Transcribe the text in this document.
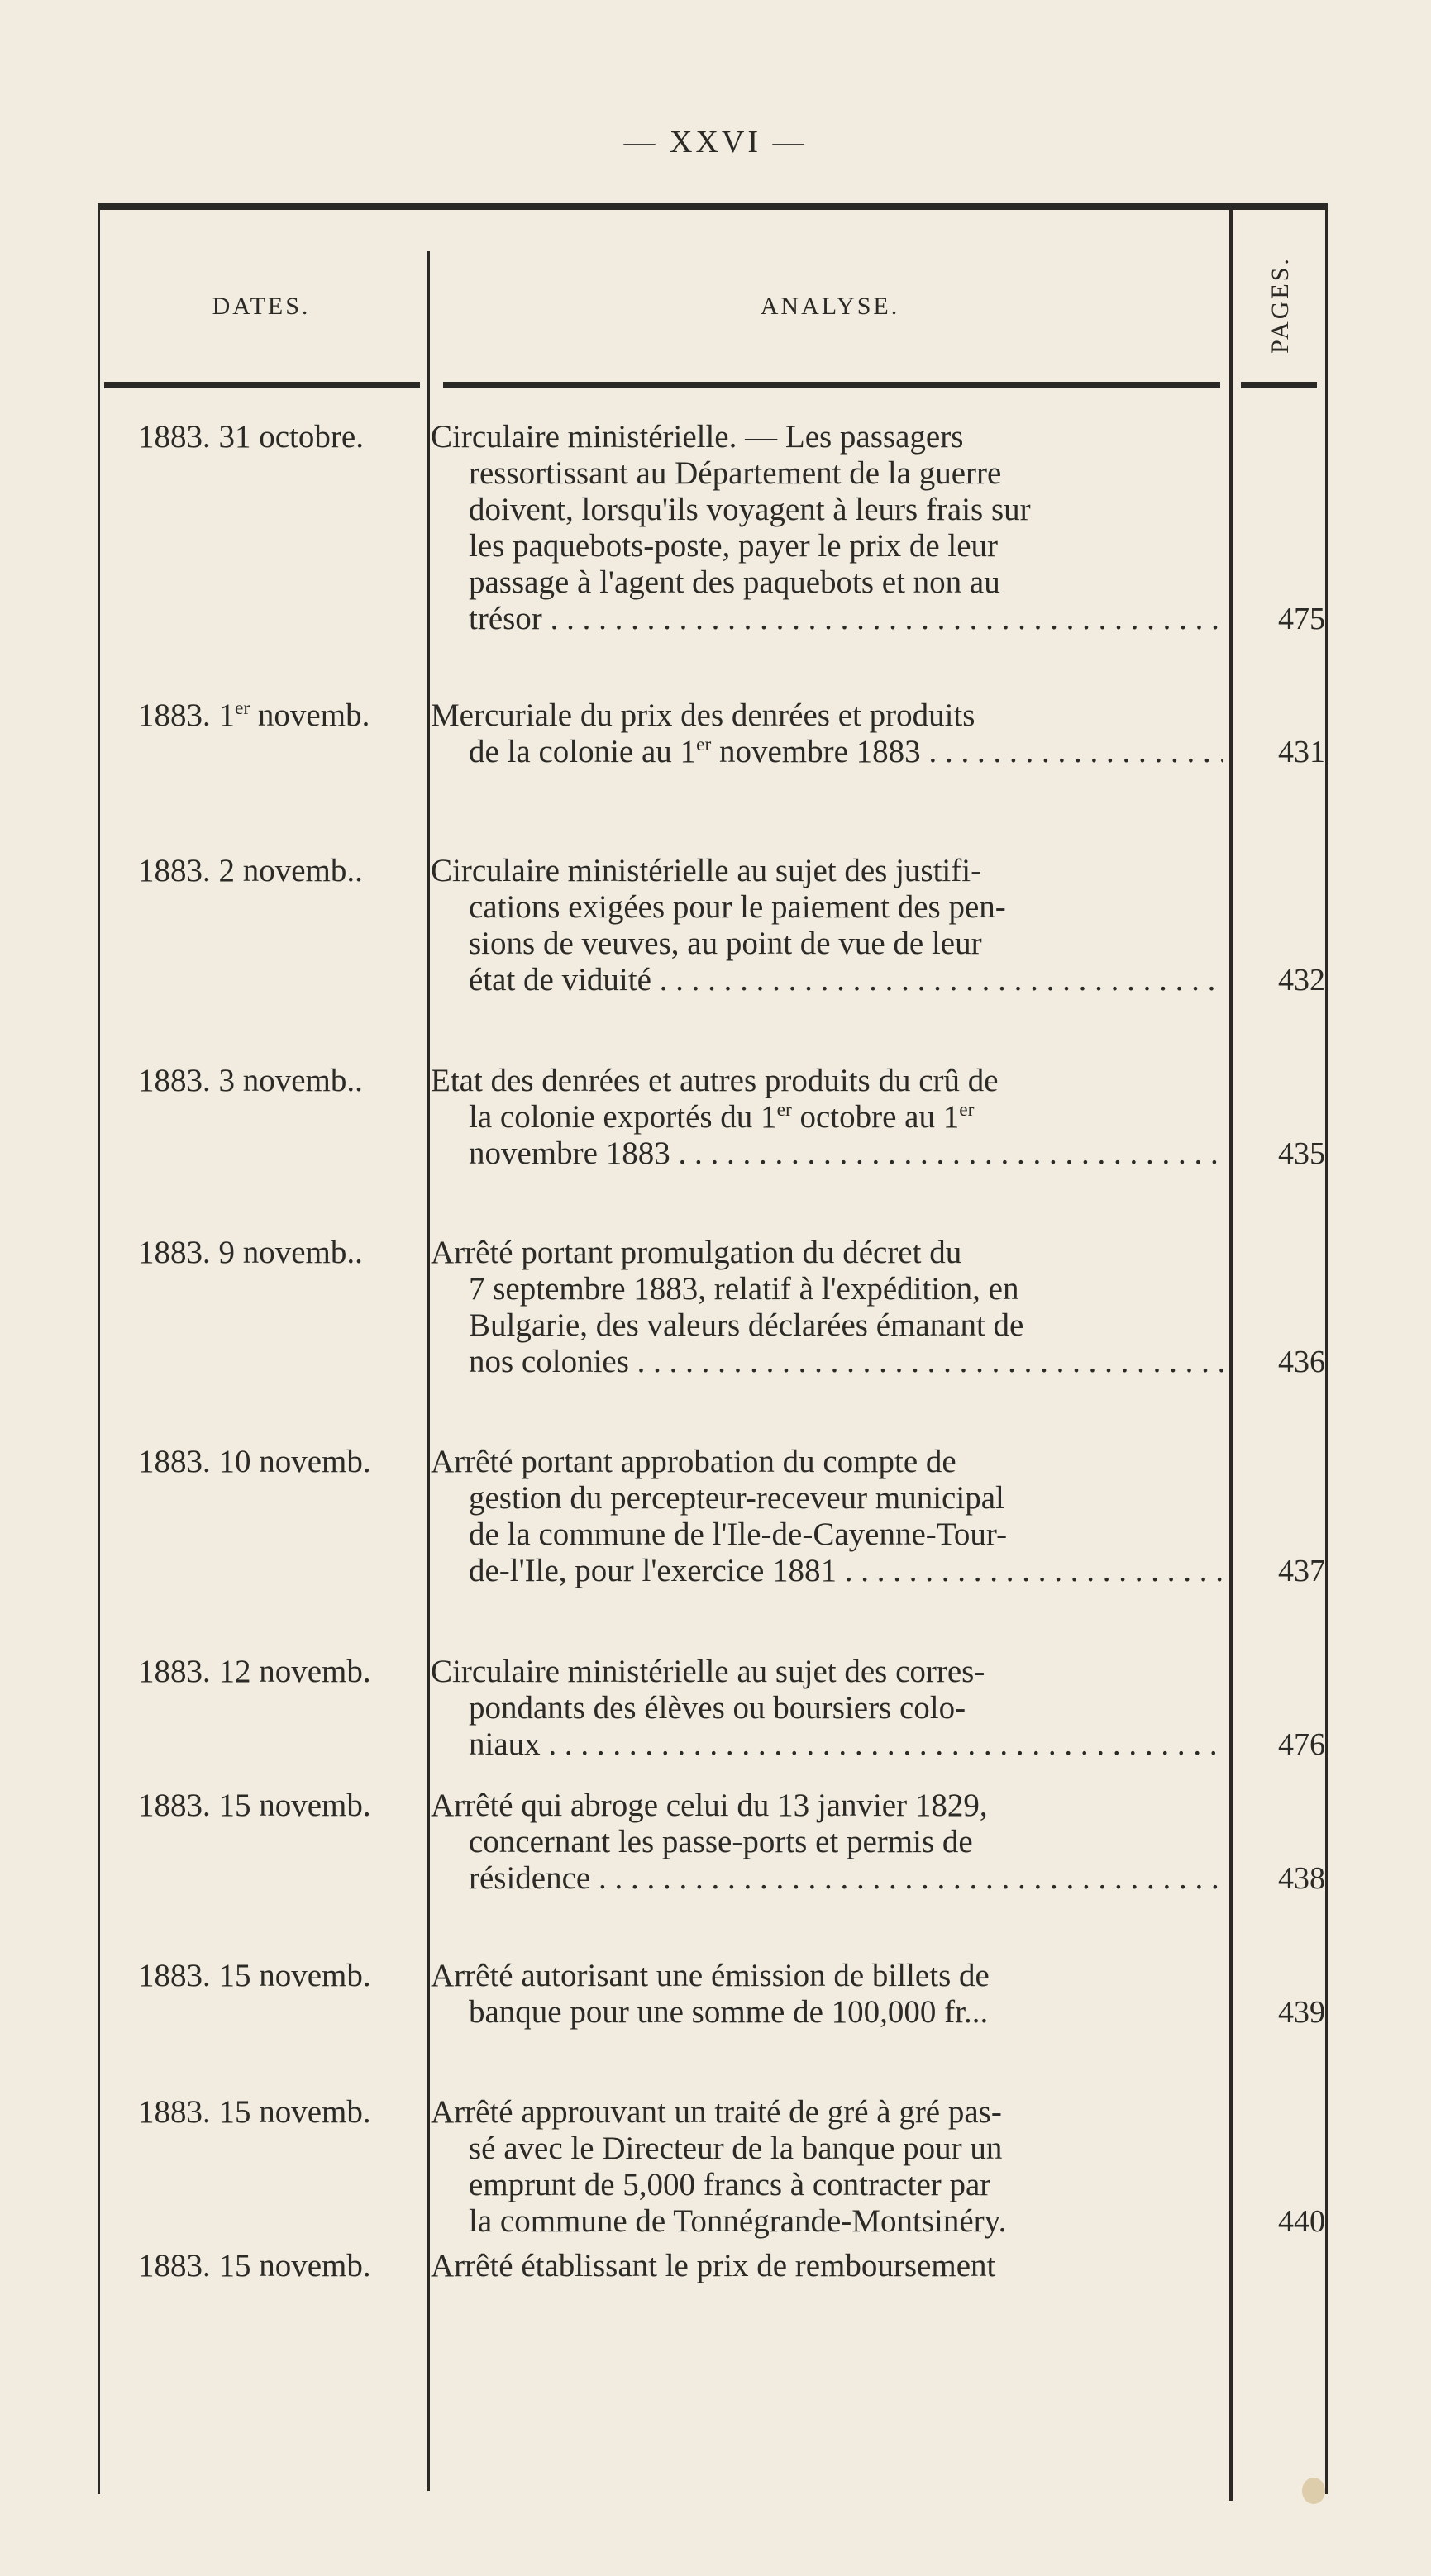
— XXVI —
DATES.	ANALYSE.	PAGES.
1883. 31 octobre.	Circulaire ministérielle. — Les passagers
ressortissant au Département de la guerre
doivent, lorsqu'ils voyagent à leurs frais sur
les paquebots-poste, payer le prix de leur
passage à l'agent des paquebots et non au
trésor . . .	475
1883. 1er novemb.	Mercuriale du prix des denrées et produits
de la colonie au 1er novembre 1883 . . .	431
1883. 2 novemb..	Circulaire ministérielle au sujet des justifi-
cations exigées pour le paiement des pen-
sions de veuves, au point de vue de leur
état de viduité . . .	432
1883. 3 novemb..	Etat des denrées et autres produits du crû de
la colonie exportés du 1er octobre au 1er
novembre 1883 . . .	435
1883. 9 novemb..	Arrêté portant promulgation du décret du
7 septembre 1883, relatif à l'expédition, en
Bulgarie, des valeurs déclarées émanant de
nos colonies . . .	436
1883. 10 novemb.	Arrêté portant approbation du compte de
gestion du percepteur-receveur municipal
de la commune de l'Ile-de-Cayenne-Tour-
de-l'Ile, pour l'exercice 1881 . . .	437
1883. 12 novemb.	Circulaire ministérielle au sujet des corres-
pondants des élèves ou boursiers colo-
niaux . . .	476
1883. 15 novemb.	Arrêté qui abroge celui du 13 janvier 1829,
concernant les passe-ports et permis de
résidence . . .	438
1883. 15 novemb.	Arrêté autorisant une émission de billets de
banque pour une somme de 100,000 fr...	439
1883. 15 novemb.	Arrêté approuvant un traité de gré à gré pas-
sé avec le Directeur de la banque pour un
emprunt de 5,000 francs à contracter par
la commune de Tonnégrande-Montsinéry.	440
1883. 15 novemb.	Arrêté établissant le prix de remboursement
